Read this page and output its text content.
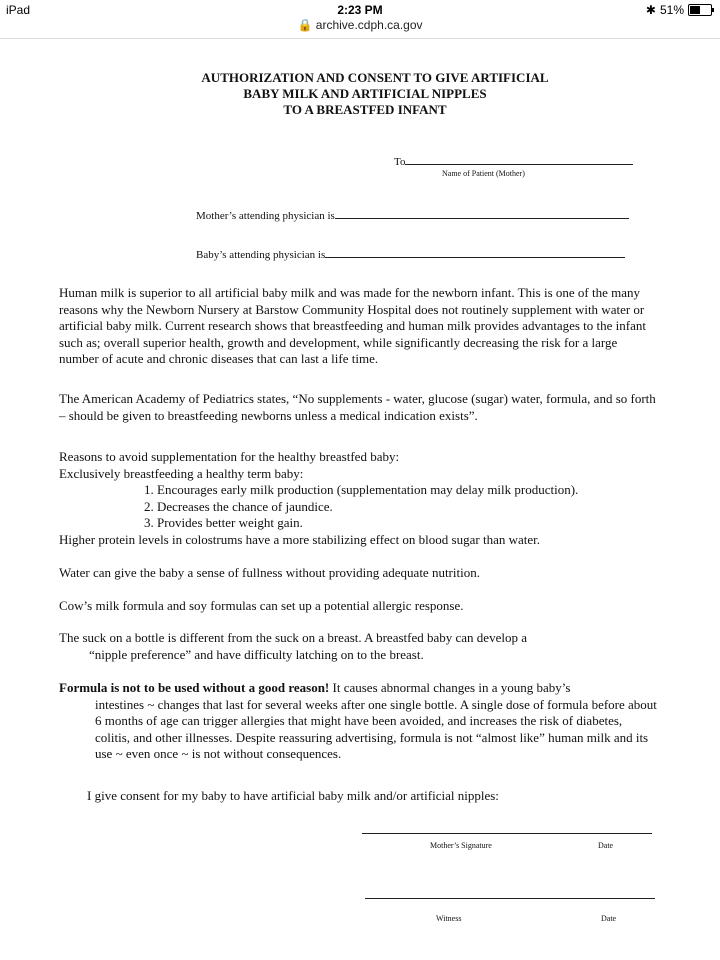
iPad	2:23 PM	✱ 51%
🔒 archive.cdph.ca.gov
AUTHORIZATION AND CONSENT TO GIVE ARTIFICIAL
BABY MILK AND ARTIFICIAL NIPPLES
TO A BREASTFED INFANT
To
Name of Patient (Mother)
Mother’s attending physician is
Baby’s attending physician is
Human milk is superior to all artificial baby milk and was made for the newborn infant. This is one of the many reasons why the Newborn Nursery at Barstow Community Hospital does not routinely supplement with water or artificial baby milk. Current research shows that breastfeeding and human milk provides advantages to the infant such as; overall superior health, growth and development, while significantly decreasing the risk for a large number of acute and chronic diseases that can last a life time.
The American Academy of Pediatrics states, “No supplements - water, glucose (sugar) water, formula, and so forth – should be given to breastfeeding newborns unless a medical indication exists”.

Reasons to avoid supplementation for the healthy breastfed baby:

Exclusively breastfeeding a healthy term baby:

1. Encourages early milk production (supplementation may delay milk production).

2. Decreases the chance of jaundice.

3. Provides better weight gain.

Higher protein levels in colostrums have a more stabilizing effect on blood sugar than water.

Water can give the baby a sense of fullness without providing adequate nutrition.
Cow’s milk formula and soy formulas can set up a potential allergic response.

The suck on a bottle is different from the suck on a breast. A breastfed baby can develop a

“nipple preference” and have difficulty latching on to the breast.

Formula is not to be used without a good reason! It causes abnormal changes in a young baby’s

intestines ~ changes that last for several weeks after one single bottle. A single dose of formula before about 6 months of age can trigger allergies that might have been avoided, and increases the risk of diabetes, colitis, and other illnesses. Despite reassuring advertising, formula is not “almost like” human milk and its use ~ even once ~ is not without consequences.

I give consent for my baby to have artificial baby milk and/or artificial nipples:
Mother’s Signature	Date
Witness	Date
